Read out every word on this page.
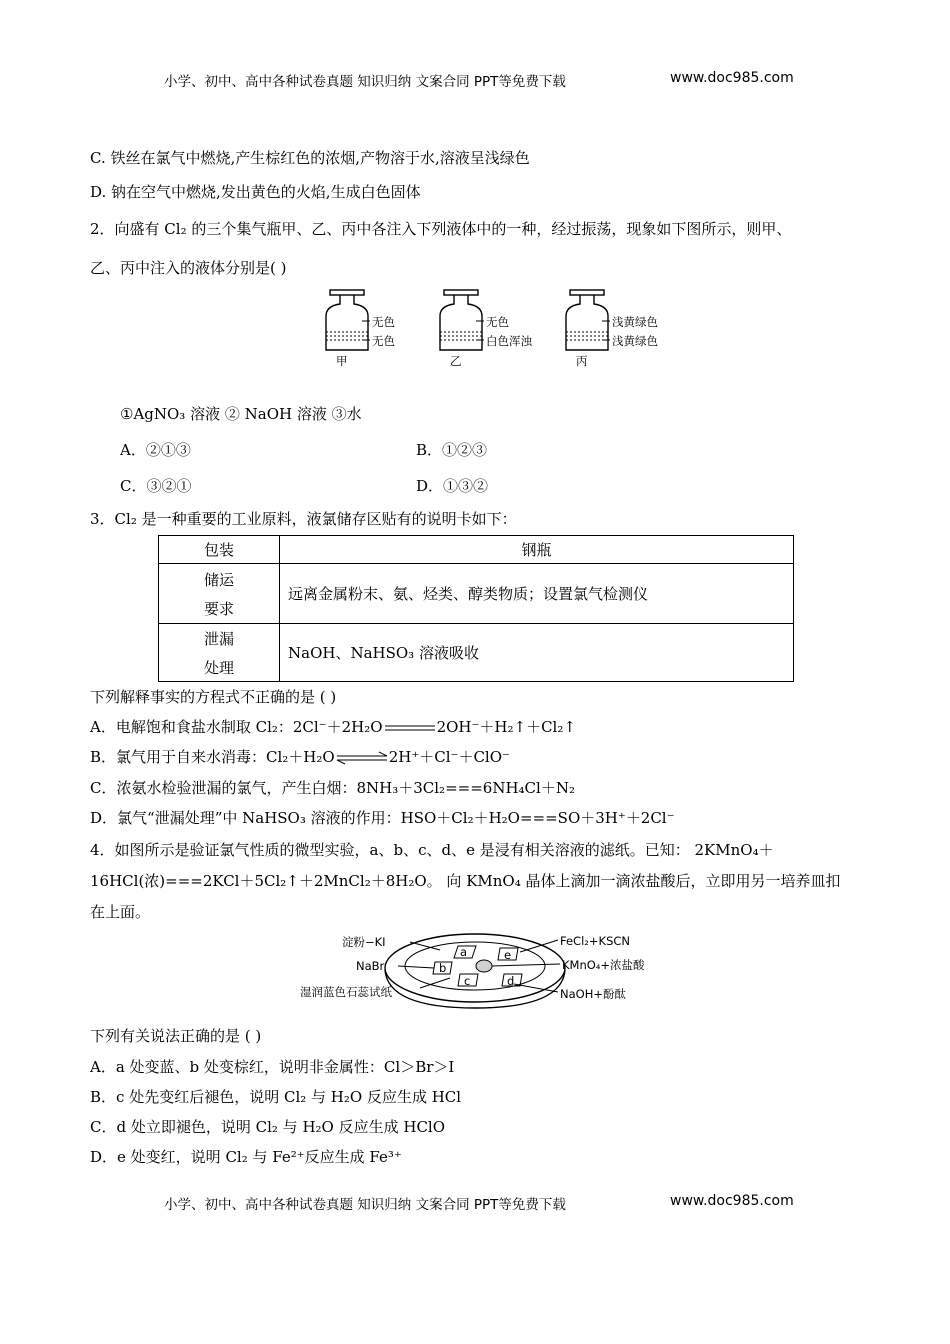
小学、初中、高中各种试卷真题 知识归纳 文案合同 PPT等免费下载	www.doc985.com
C. 铁丝在氯气中燃烧,产生棕红色的浓烟,产物溶于水,溶液呈浅绿色
D. 钠在空气中燃烧,发出黄色的火焰,生成白色固体
2．向盛有 Cl₂ 的三个集气瓶甲、乙、丙中各注入下列液体中的一种，经过振荡，现象如下图所示，则甲、
乙、丙中注入的液体分别是( )
无色
无色
甲
无色
白色浑浊
乙
浅黄绿色
浅黄绿色
丙
①AgNO₃ 溶液 ② NaOH 溶液 ③水
A．②①③	B．①②③
C．③②①	D．①③②
3．Cl₂ 是一种重要的工业原料，液氯储存区贴有的说明卡如下：
包装	钢瓶

储运
要求	远离金属粉末、氨、烃类、醇类物质；设置氯气检测仪

泄漏
处理	NaOH、NaHSO₃ 溶液吸收
下列解释事实的方程式不正确的是 ( )
A．电解饱和食盐水制取 Cl₂：2Cl⁻＋2H₂O	2OH⁻＋H₂↑＋Cl₂↑
B．氯气用于自来水消毒：Cl₂＋H₂O⇌2H⁺＋Cl⁻＋ClO⁻
C．浓氨水检验泄漏的氯气，产生白烟：8NH₃＋3Cl₂===6NH₄Cl＋N₂
D．氯气“泄漏处理”中 NaHSO₃ 溶液的作用：HSO＋Cl₂＋H₂O===SO＋3H⁺＋2Cl⁻
4．如图所示是验证氯气性质的微型实验，a、b、c、d、e 是浸有相关溶液的滤纸。已知： 2KMnO₄＋
16HCl(浓)===2KCl＋5Cl₂↑＋2MnCl₂＋8H₂O。 向 KMnO₄ 晶体上滴加一滴浓盐酸后，立即用另一培养皿扣
在上面。
a
b
c	d
e
淀粉−KI
NaBr
湿润蓝色石蕊试纸
FeCl₂+KSCN
KMnO₄+浓盐酸
NaOH+酚酞
下列有关说法正确的是 ( )
A．a 处变蓝、b 处变棕红，说明非金属性：Cl＞Br＞I
B．c 处先变红后褪色，说明 Cl₂ 与 H₂O 反应生成 HCl
C．d 处立即褪色，说明 Cl₂ 与 H₂O 反应生成 HClO
D．e 处变红，说明 Cl₂ 与 Fe²⁺反应生成 Fe³⁺
小学、初中、高中各种试卷真题 知识归纳 文案合同 PPT等免费下载	www.doc985.com
